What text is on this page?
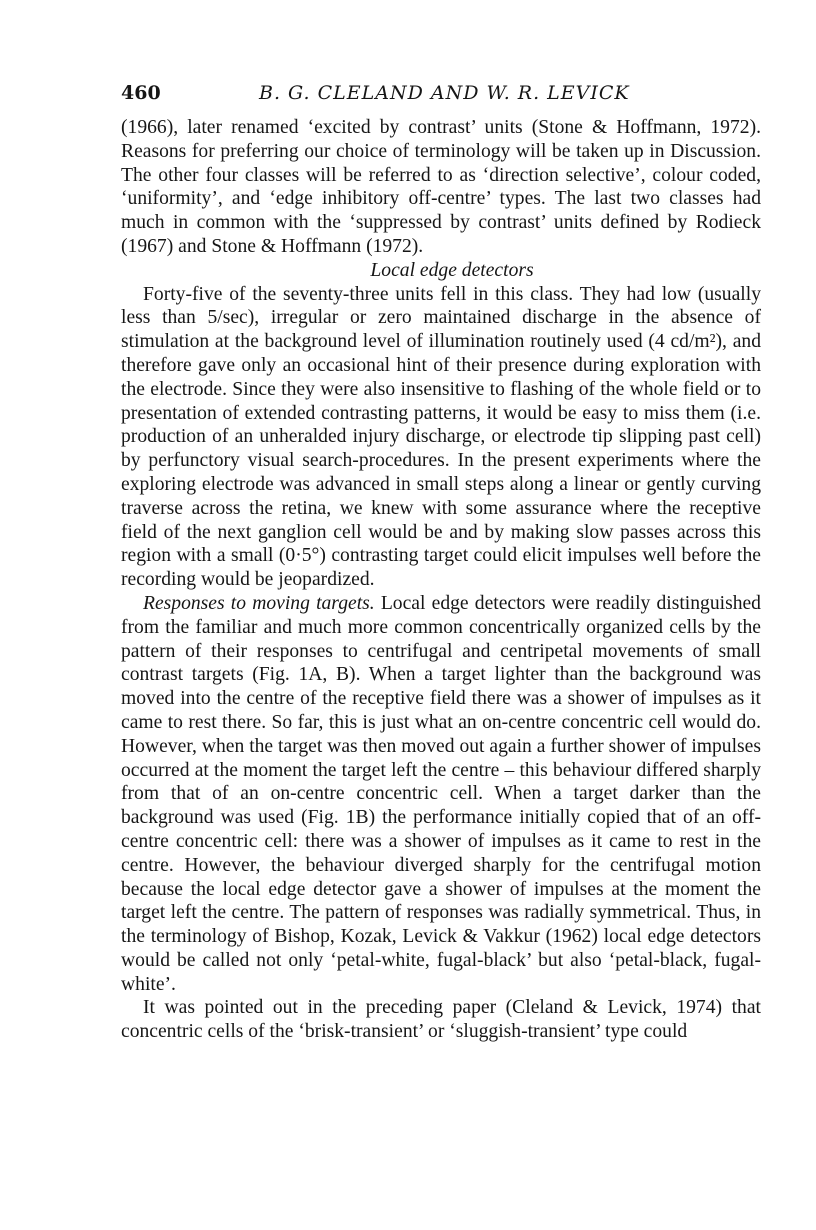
460	B. G. CLELAND AND W. R. LEVICK

(1966), later renamed ‘excited by contrast’ units (Stone & Hoffmann, 1972). Reasons for preferring our choice of terminology will be taken up in Discussion. The other four classes will be referred to as ‘direction selective’, colour coded, ‘uniformity’, and ‘edge inhibitory off-centre’ types. The last two classes had much in common with the ‘suppressed by contrast’ units defined by Rodieck (1967) and Stone & Hoffmann (1972).

Local edge detectors

Forty-five of the seventy-three units fell in this class. They had low (usually less than 5/sec), irregular or zero maintained discharge in the absence of stimulation at the background level of illumination routinely used (4 cd/m²), and therefore gave only an occasional hint of their presence during exploration with the electrode. Since they were also insensitive to flashing of the whole field or to presentation of extended contrasting patterns, it would be easy to miss them (i.e. production of an unheralded injury discharge, or electrode tip slipping past cell) by perfunctory visual search-procedures. In the present experiments where the exploring electrode was advanced in small steps along a linear or gently curving traverse across the retina, we knew with some assurance where the receptive field of the next ganglion cell would be and by making slow passes across this region with a small (0·5°) contrasting target could elicit impulses well before the recording would be jeopardized.

Responses to moving targets. Local edge detectors were readily distinguished from the familiar and much more common concentrically organized cells by the pattern of their responses to centrifugal and centripetal movements of small contrast targets (Fig. 1A, B). When a target lighter than the background was moved into the centre of the receptive field there was a shower of impulses as it came to rest there. So far, this is just what an on-centre concentric cell would do. However, when the target was then moved out again a further shower of impulses occurred at the moment the target left the centre – this behaviour differed sharply from that of an on-centre concentric cell. When a target darker than the background was used (Fig. 1B) the performance initially copied that of an off-centre concentric cell: there was a shower of impulses as it came to rest in the centre. However, the behaviour diverged sharply for the centrifugal motion because the local edge detector gave a shower of impulses at the moment the target left the centre. The pattern of responses was radially symmetrical. Thus, in the terminology of Bishop, Kozak, Levick & Vakkur (1962) local edge detectors would be called not only ‘petal-white, fugal-black’ but also ‘petal-black, fugal-white’.

It was pointed out in the preceding paper (Cleland & Levick, 1974) that concentric cells of the ‘brisk-transient’ or ‘sluggish-transient’ type could
